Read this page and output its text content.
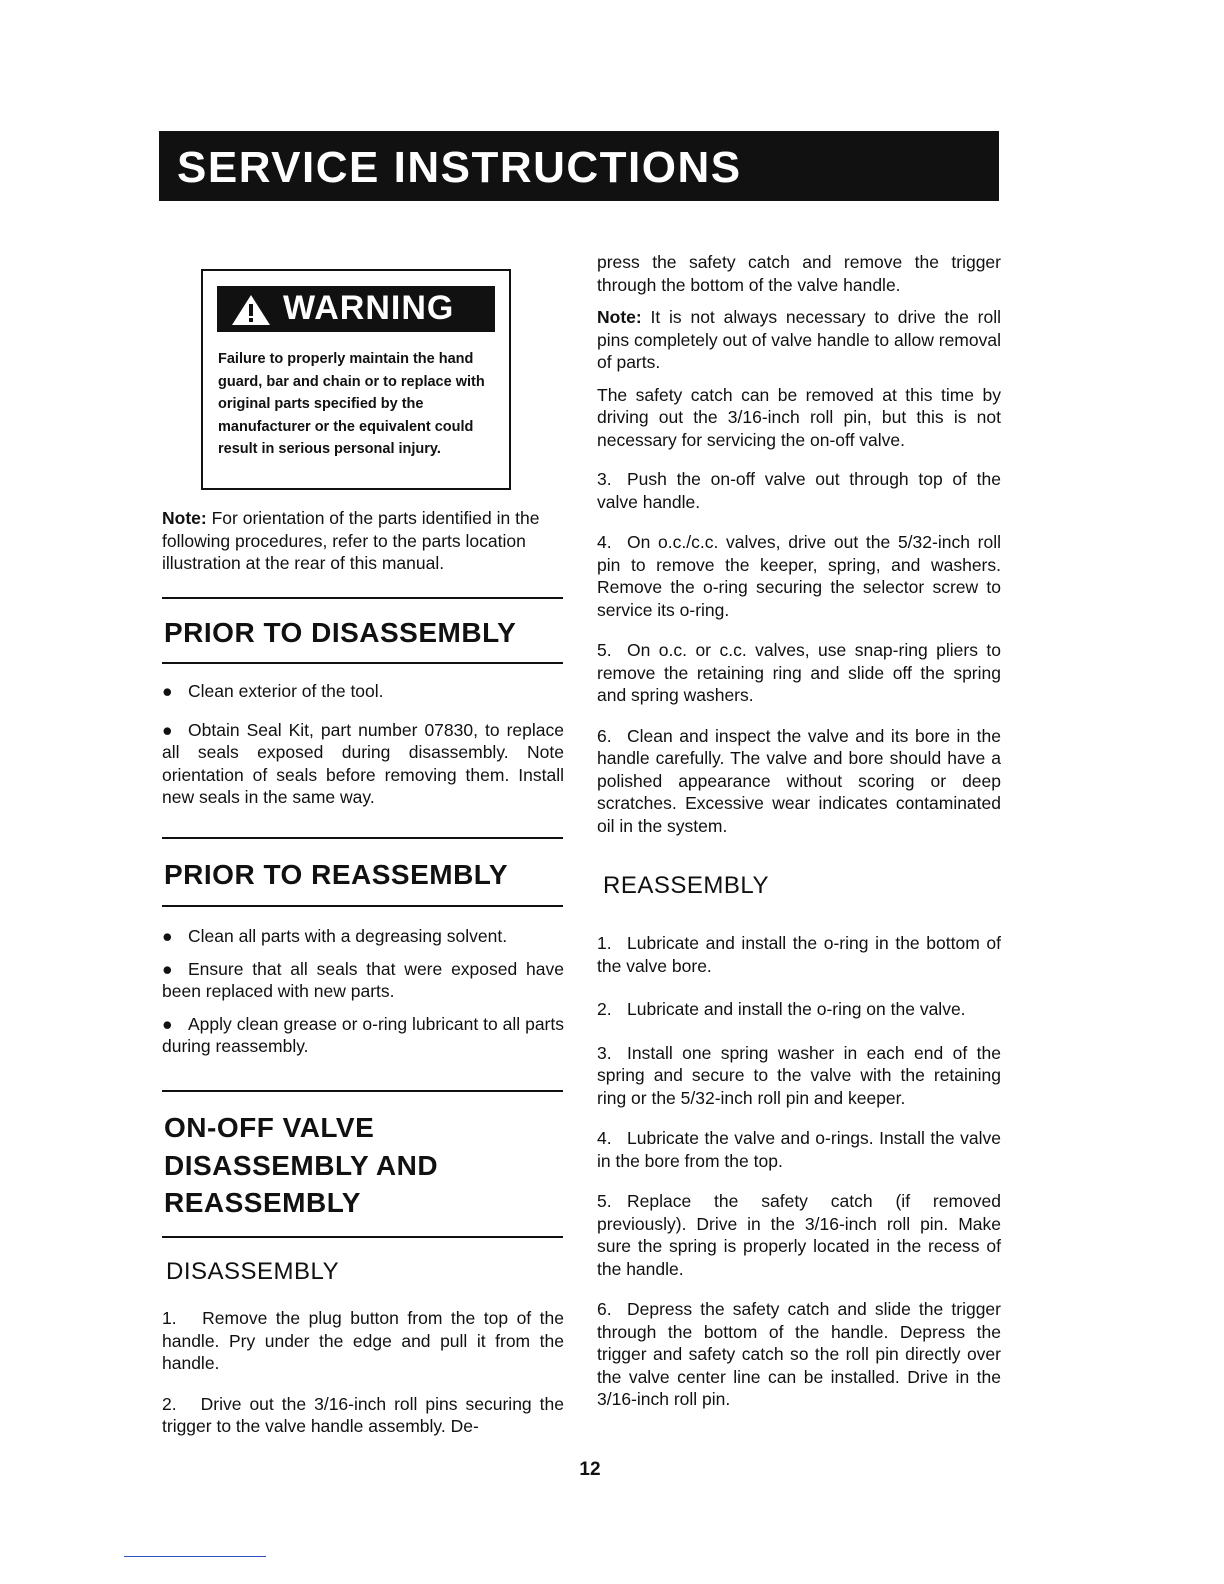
SERVICE INSTRUCTIONS
WARNING
Failure to properly maintain the hand guard, bar and chain or to replace with original parts specified by the manufacturer or the equivalent could result in serious personal injury.

Note: For orientation of the parts identified in the following procedures, refer to the parts location illustration at the rear of this manual.

PRIOR TO DISASSEMBLY

● Clean exterior of the tool.

● Obtain Seal Kit, part number 07830, to replace all seals exposed during disassembly. Note orientation of seals before removing them. Install new seals in the same way.

PRIOR TO REASSEMBLY

● Clean all parts with a degreasing solvent.

● Ensure that all seals that were exposed have been replaced with new parts.

● Apply clean grease or o-ring lubricant to all parts during reassembly.

ON-OFF VALVE
DISASSEMBLY AND
REASSEMBLY
DISASSEMBLY

1. Remove the plug button from the top of the handle. Pry under the edge and pull it from the handle.

2. Drive out the 3/16-inch roll pins securing the trigger to the valve handle assembly. De-

press the safety catch and remove the trigger through the bottom of the valve handle.

Note: It is not always necessary to drive the roll pins completely out of valve handle to allow removal of parts.

The safety catch can be removed at this time by driving out the 3/16-inch roll pin, but this is not necessary for servicing the on-off valve.

3. Push the on-off valve out through top of the valve handle.

4. On o.c./c.c. valves, drive out the 5/32-inch roll pin to remove the keeper, spring, and washers. Remove the o-ring securing the selector screw to service its o-ring.

5. On o.c. or c.c. valves, use snap-ring pliers to remove the retaining ring and slide off the spring and spring washers.

6. Clean and inspect the valve and its bore in the handle carefully. The valve and bore should have a polished appearance without scoring or deep scratches. Excessive wear indicates contaminated oil in the system.

REASSEMBLY

1. Lubricate and install the o-ring in the bottom of the valve bore.

2. Lubricate and install the o-ring on the valve.

3. Install one spring washer in each end of the spring and secure to the valve with the retaining ring or the 5/32-inch roll pin and keeper.

4. Lubricate the valve and o-rings. Install the valve in the bore from the top.

5. Replace the safety catch (if removed previously). Drive in the 3/16-inch roll pin. Make sure the spring is properly located in the recess of the handle.

6. Depress the safety catch and slide the trigger through the bottom of the handle. Depress the trigger and safety catch so the roll pin directly over the valve center line can be installed. Drive in the 3/16-inch roll pin.

12
